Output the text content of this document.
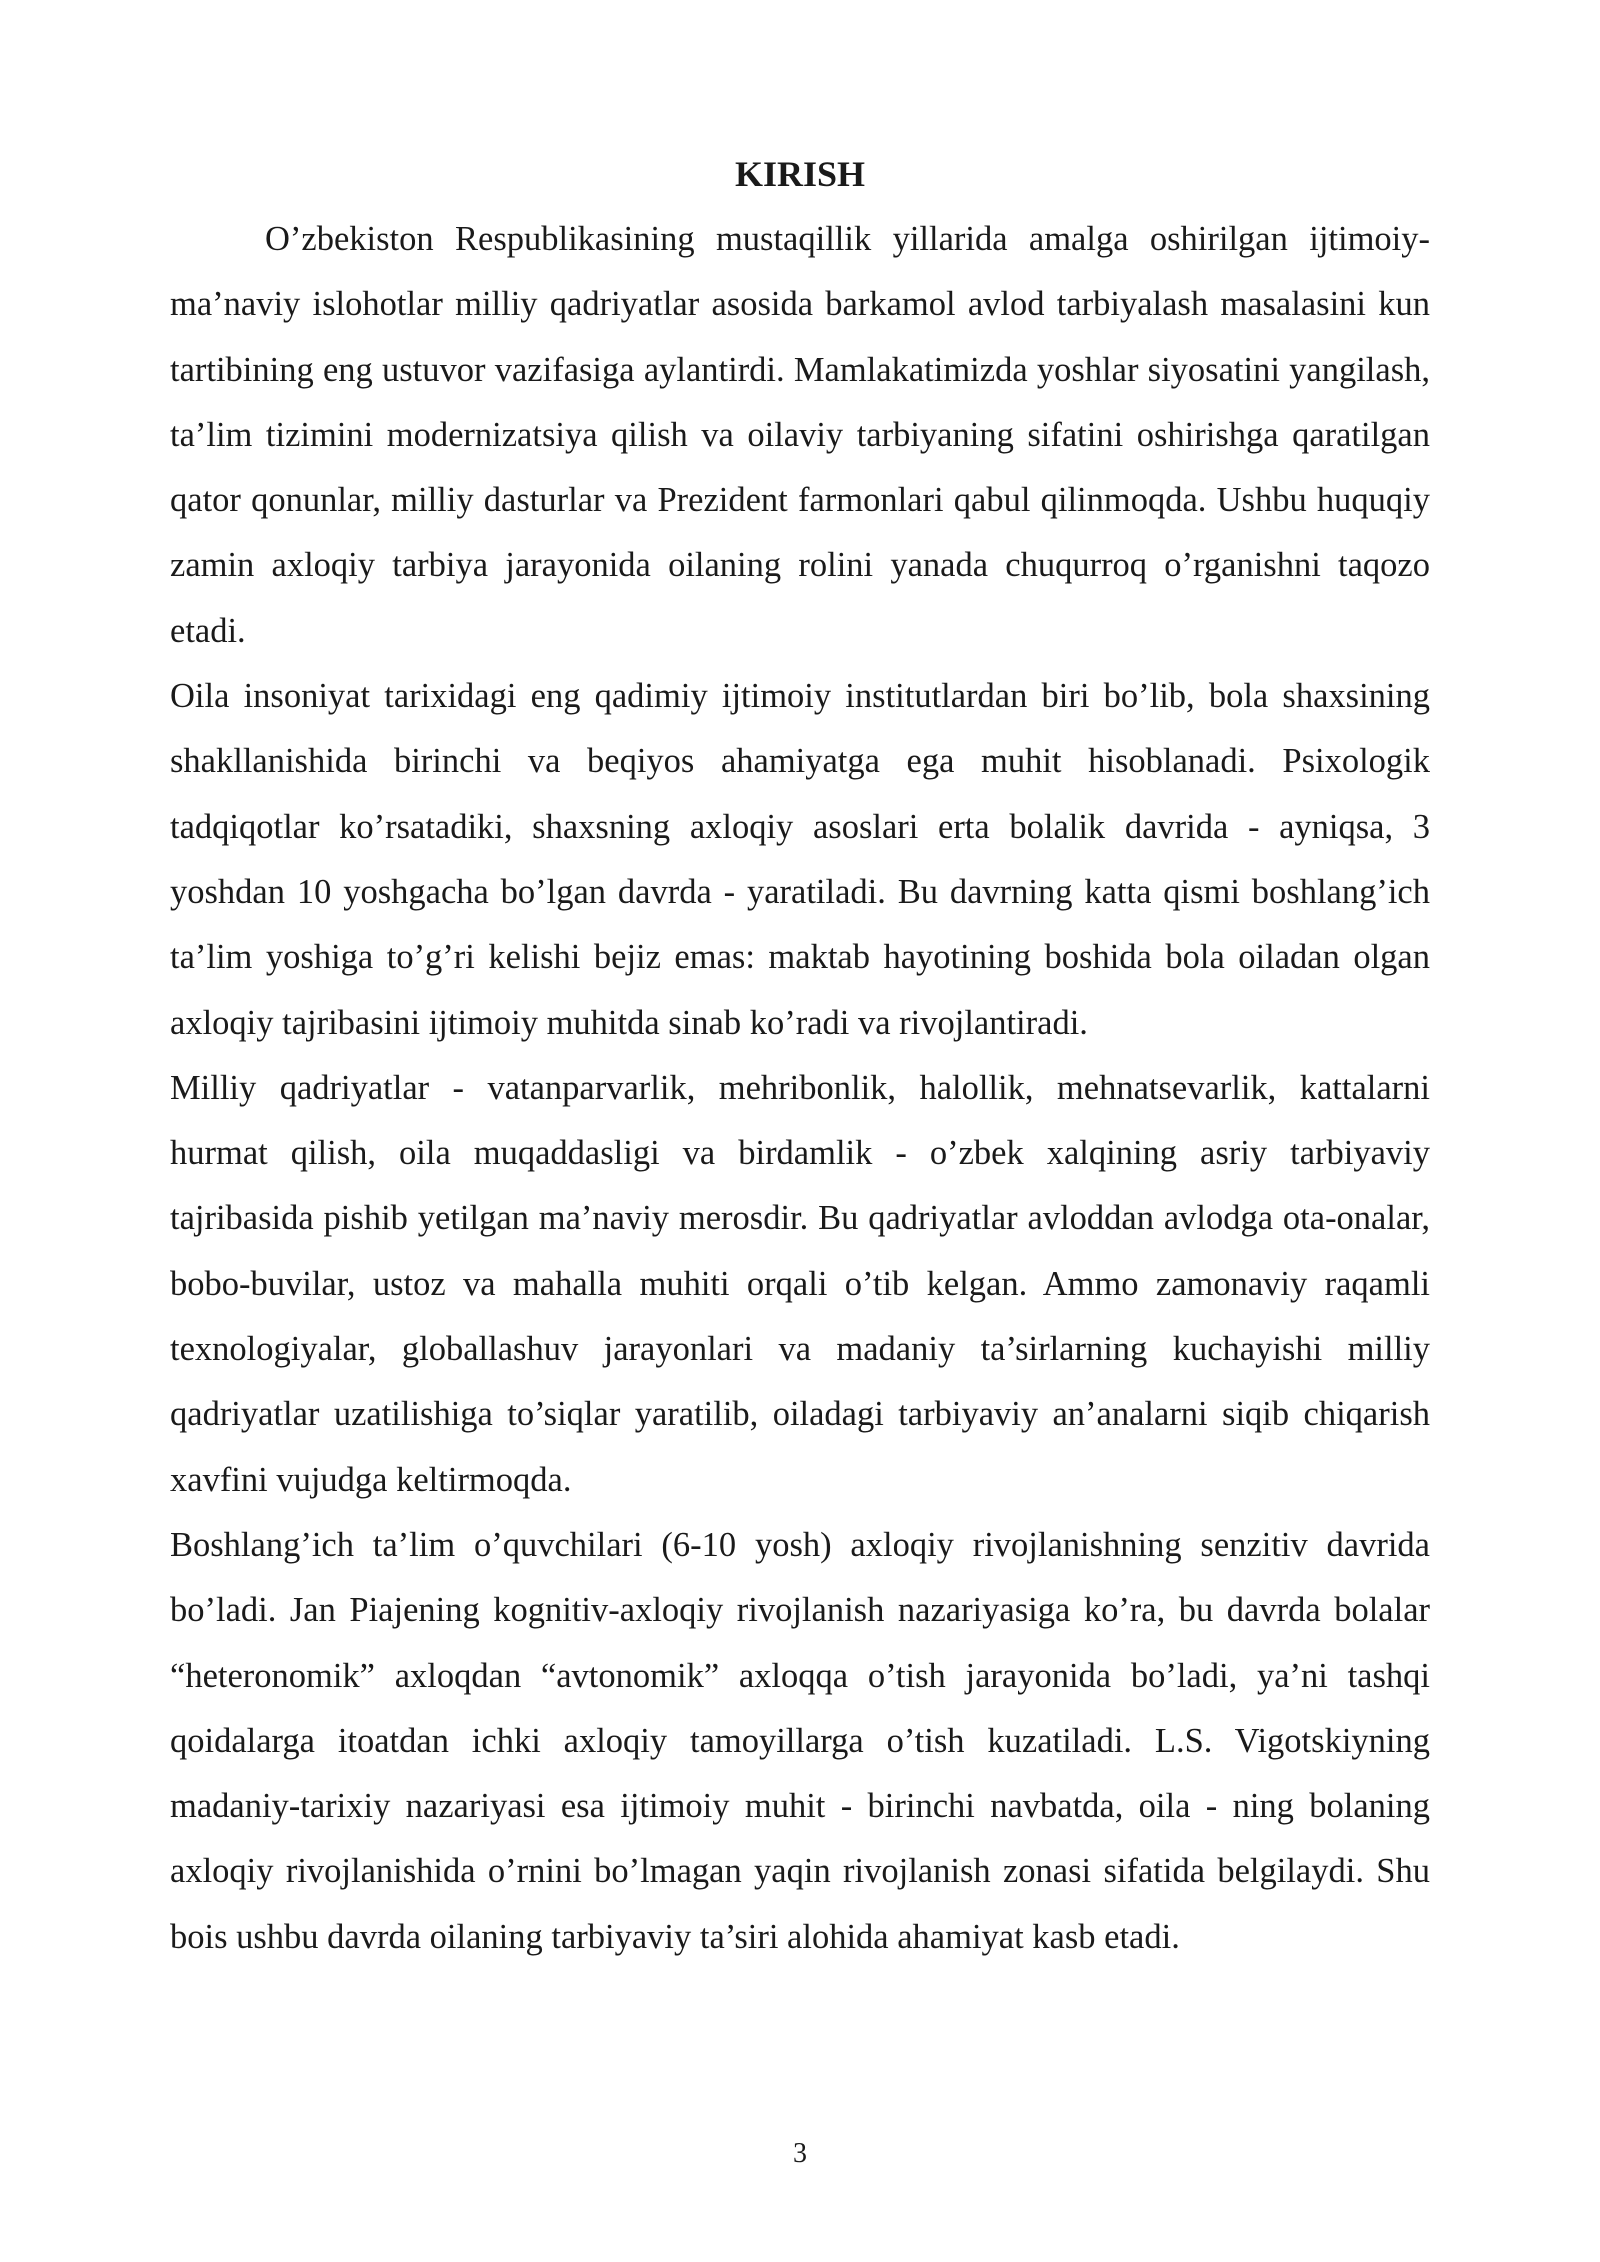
KIRISH

O’zbekiston Respublikasining mustaqillik yillarida amalga oshirilgan ijtimoiy-ma’naviy islohotlar milliy qadriyatlar asosida barkamol avlod tarbiyalash masalasini kun tartibining eng ustuvor vazifasiga aylantirdi. Mamlakatimizda yoshlar siyosatini yangilash, ta’lim tizimini modernizatsiya qilish va oilaviy tarbiyaning sifatini oshirishga qaratilgan qator qonunlar, milliy dasturlar va Prezident farmonlari qabul qilinmoqda. Ushbu huquqiy zamin axloqiy tarbiya jarayonida oilaning rolini yanada chuqurroq o’rganishni taqozo etadi.

Oila insoniyat tarixidagi eng qadimiy ijtimoiy institutlardan biri bo’lib, bola shaxsining shakllanishida birinchi va beqiyos ahamiyatga ega muhit hisoblanadi. Psixologik tadqiqotlar ko’rsatadiki, shaxsning axloqiy asoslari erta bolalik davrida - ayniqsa, 3 yoshdan 10 yoshgacha bo’lgan davrda - yaratiladi. Bu davrning katta qismi boshlang’ich ta’lim yoshiga to’g’ri kelishi bejiz emas: maktab hayotining boshida bola oiladan olgan axloqiy tajribasini ijtimoiy muhitda sinab ko’radi va rivojlantiradi.

Milliy qadriyatlar - vatanparvarlik, mehribonlik, halollik, mehnatsevarlik, kattalarni hurmat qilish, oila muqaddasligi va birdamlik - o’zbek xalqining asriy tarbiyaviy tajribasida pishib yetilgan ma’naviy merosdir. Bu qadriyatlar avloddan avlodga ota-onalar, bobo-buvilar, ustoz va mahalla muhiti orqali o’tib kelgan. Ammo zamonaviy raqamli texnologiyalar, globallashuv jarayonlari va madaniy ta’sirlarning kuchayishi milliy qadriyatlar uzatilishiga to’siqlar yaratilib, oiladagi tarbiyaviy an’analarni siqib chiqarish xavfini vujudga keltirmoqda.

Boshlang’ich ta’lim o’quvchilari (6-10 yosh) axloqiy rivojlanishning senzitiv davrida bo’ladi. Jan Piajening kognitiv-axloqiy rivojlanish nazariyasiga ko’ra, bu davrda bolalar “heteronomik” axloqdan “avtonomik” axloqqa o’tish jarayonida bo’ladi, ya’ni tashqi qoidalarga itoatdan ichki axloqiy tamoyillarga o’tish kuzatiladi. L.S. Vigotskiyning madaniy-tarixiy nazariyasi esa ijtimoiy muhit - birinchi navbatda, oila - ning bolaning axloqiy rivojlanishida o’rnini bo’lmagan yaqin rivojlanish zonasi sifatida belgilaydi. Shu bois ushbu davrda oilaning tarbiyaviy ta’siri alohida ahamiyat kasb etadi.

3
